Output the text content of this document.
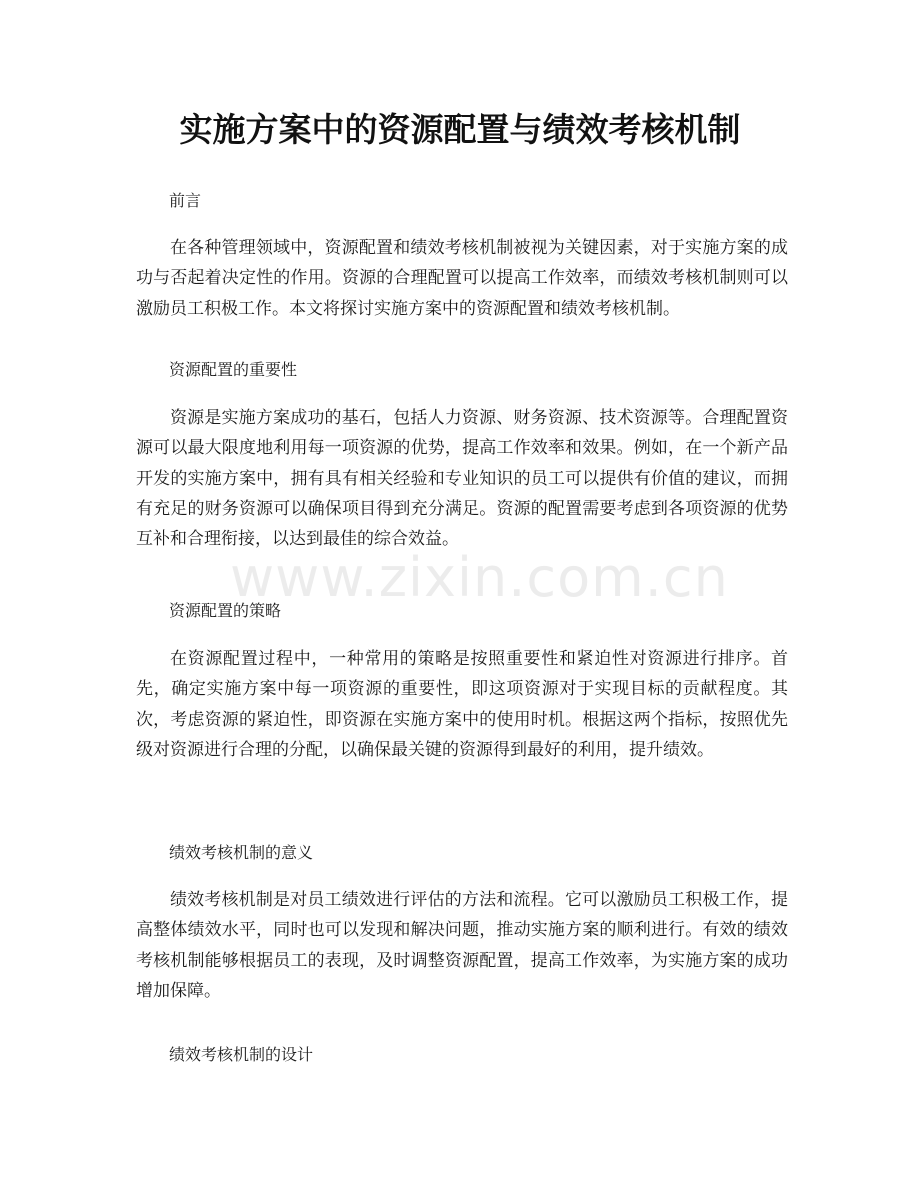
实施方案中的资源配置与绩效考核机制

前言

在各种管理领域中，资源配置和绩效考核机制被视为关键因素，对于实施方案的成功与否起着决定性的作用。资源的合理配置可以提高工作效率，而绩效考核机制则可以激励员工积极工作。本文将探讨实施方案中的资源配置和绩效考核机制。

资源配置的重要性

资源是实施方案成功的基石，包括人力资源、财务资源、技术资源等。合理配置资源可以最大限度地利用每一项资源的优势，提高工作效率和效果。例如，在一个新产品开发的实施方案中，拥有具有相关经验和专业知识的员工可以提供有价值的建议，而拥有充足的财务资源可以确保项目得到充分满足。资源的配置需要考虑到各项资源的优势互补和合理衔接，以达到最佳的综合效益。

资源配置的策略

在资源配置过程中，一种常用的策略是按照重要性和紧迫性对资源进行排序。首先，确定实施方案中每一项资源的重要性，即这项资源对于实现目标的贡献程度。其次，考虑资源的紧迫性，即资源在实施方案中的使用时机。根据这两个指标，按照优先级对资源进行合理的分配，以确保最关键的资源得到最好的利用，提升绩效。

绩效考核机制的意义

绩效考核机制是对员工绩效进行评估的方法和流程。它可以激励员工积极工作，提高整体绩效水平，同时也可以发现和解决问题，推动实施方案的顺利进行。有效的绩效考核机制能够根据员工的表现，及时调整资源配置，提高工作效率，为实施方案的成功增加保障。

绩效考核机制的设计

www.zixin.com.cn
